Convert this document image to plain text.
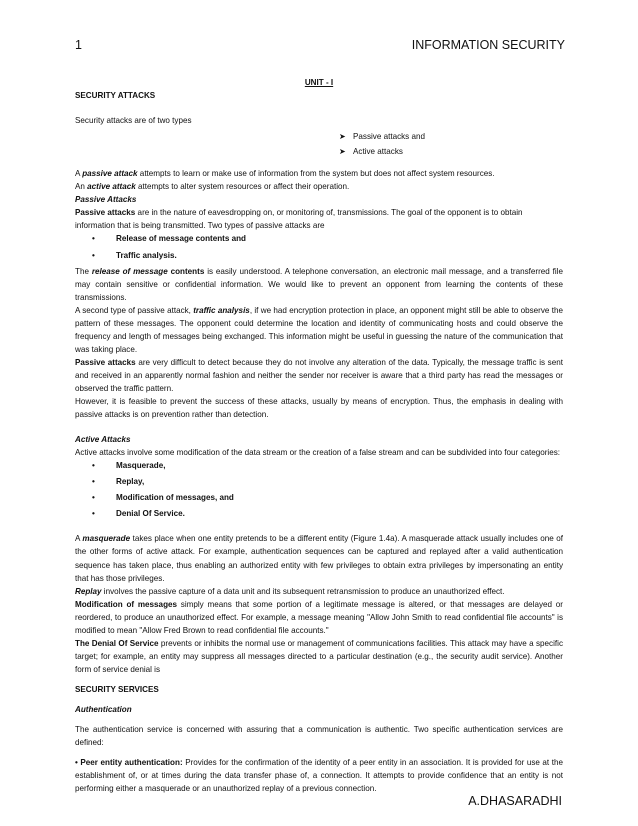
1	INFORMATION SECURITY

UNIT - I

SECURITY ATTACKS

Security attacks are of two types

➤ Passive attacks and
➤ Active attacks

A passive attack attempts to learn or make use of information from the system but does not affect system resources.

An active attack attempts to alter system resources or affect their operation.

Passive Attacks

Passive attacks are in the nature of eavesdropping on, or monitoring of, transmissions. The goal of the opponent is to obtain information that is being transmitted. Two types of passive attacks are

•	Release of message contents and
•	Traffic analysis.

The release of message contents is easily understood. A telephone conversation, an electronic mail message, and a transferred file may contain sensitive or confidential information. We would like to prevent an opponent from learning the contents of these transmissions.

A second type of passive attack, traffic analysis, if we had encryption protection in place, an opponent might still be able to observe the pattern of these messages. The opponent could determine the location and identity of communicating hosts and could observe the frequency and length of messages being exchanged. This information might be useful in guessing the nature of the communication that was taking place.

Passive attacks are very difficult to detect because they do not involve any alteration of the data. Typically, the message traffic is sent and received in an apparently normal fashion and neither the sender nor receiver is aware that a third party has read the messages or observed the traffic pattern.

However, it is feasible to prevent the success of these attacks, usually by means of encryption. Thus, the emphasis in dealing with passive attacks is on prevention rather than detection.

Active Attacks

Active attacks involve some modification of the data stream or the creation of a false stream and can be subdivided into four categories:

•	Masquerade,
•	Replay,
•	Modification of messages, and
•	Denial Of Service.

A masquerade takes place when one entity pretends to be a different entity (Figure 1.4a). A masquerade attack usually includes one of the other forms of active attack. For example, authentication sequences can be captured and replayed after a valid authentication sequence has taken place, thus enabling an authorized entity with few privileges to obtain extra privileges by impersonating an entity that has those privileges.

Replay involves the passive capture of a data unit and its subsequent retransmission to produce an unauthorized effect.

Modification of messages simply means that some portion of a legitimate message is altered, or that messages are delayed or reordered, to produce an unauthorized effect. For example, a message meaning "Allow John Smith to read confidential file accounts" is modified to mean "Allow Fred Brown to read confidential file accounts."

The Denial Of Service prevents or inhibits the normal use or management of communications facilities. This attack may have a specific target; for example, an entity may suppress all messages directed to a particular destination (e.g., the security audit service). Another form of service denial is

SECURITY SERVICES

Authentication

The authentication service is concerned with assuring that a communication is authentic. Two specific authentication services are defined:

• Peer entity authentication: Provides for the confirmation of the identity of a peer entity in an association. It is provided for use at the establishment of, or at times during the data transfer phase of, a connection. It attempts to provide confidence that an entity is not performing either a masquerade or an unauthorized replay of a previous connection.

A.DHASARADHI
